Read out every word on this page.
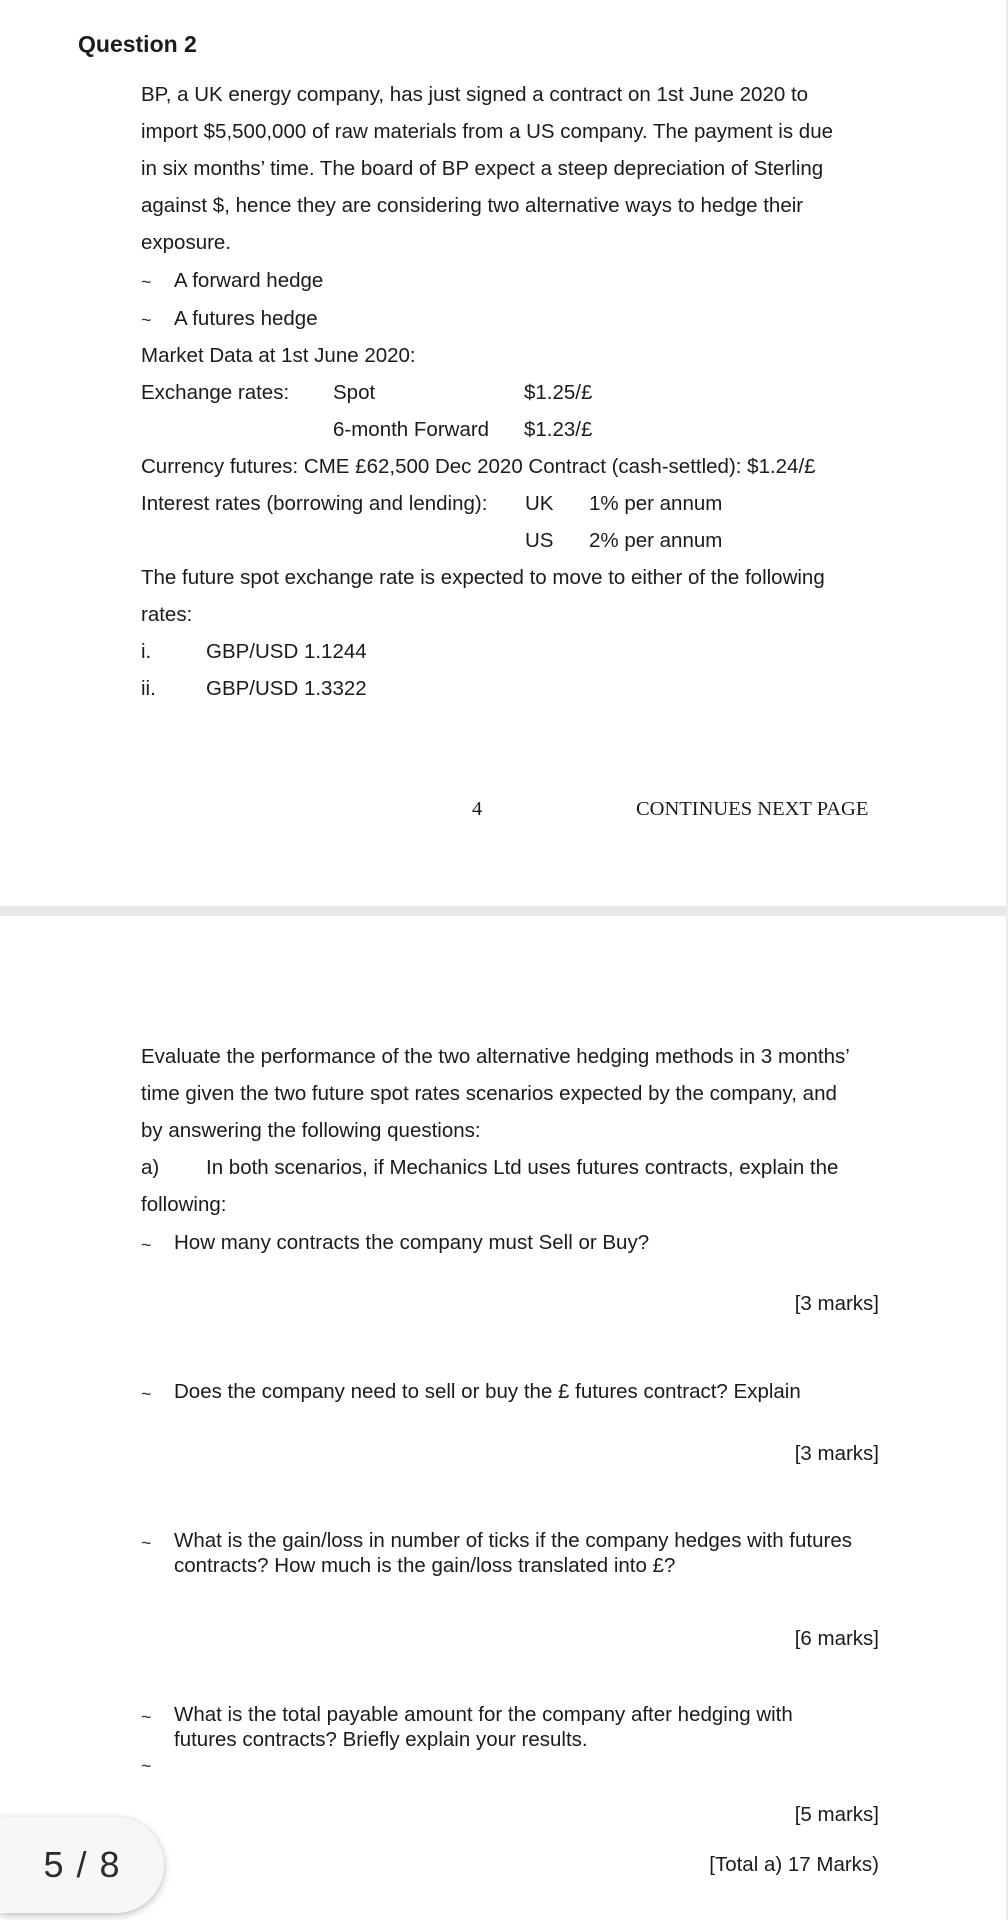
Question 2
BP, a UK energy company, has just signed a contract on 1st June 2020 to
import $5,500,000 of raw materials from a US company. The payment is due
in six months’ time. The board of BP expect a steep depreciation of Sterling
against $, hence they are considering two alternative ways to hedge their
exposure.
~ A forward hedge
~ A futures hedge
Market Data at 1st June 2020:
Exchange rates: Spot	$1.25/£
6-month Forward $1.23/£
Currency futures: CME £62,500 Dec 2020 Contract (cash-settled): $1.24/£
Interest rates (borrowing and lending): UK 1% per annum
US 2% per annum
The future spot exchange rate is expected to move to either of the following
rates:
i.	GBP/USD 1.1244
ii. GBP/USD 1.3322
4	CONTINUES NEXT PAGE
Evaluate the performance of the two alternative hedging methods in 3 months’
time given the two future spot rates scenarios expected by the company, and
by answering the following questions:
a) In both scenarios, if Mechanics Ltd uses futures contracts, explain the
following:
~ How many contracts the company must Sell or Buy?
[3 marks]
~ Does the company need to sell or buy the £ futures contract? Explain
[3 marks]
~ What is the gain/loss in number of ticks if the company hedges with futures
contracts? How much is the gain/loss translated into £?
[6 marks]
~ What is the total payable amount for the company after hedging with
futures contracts? Briefly explain your results.
~
[5 marks]
[Total a) 17 Marks)
5 / 8
